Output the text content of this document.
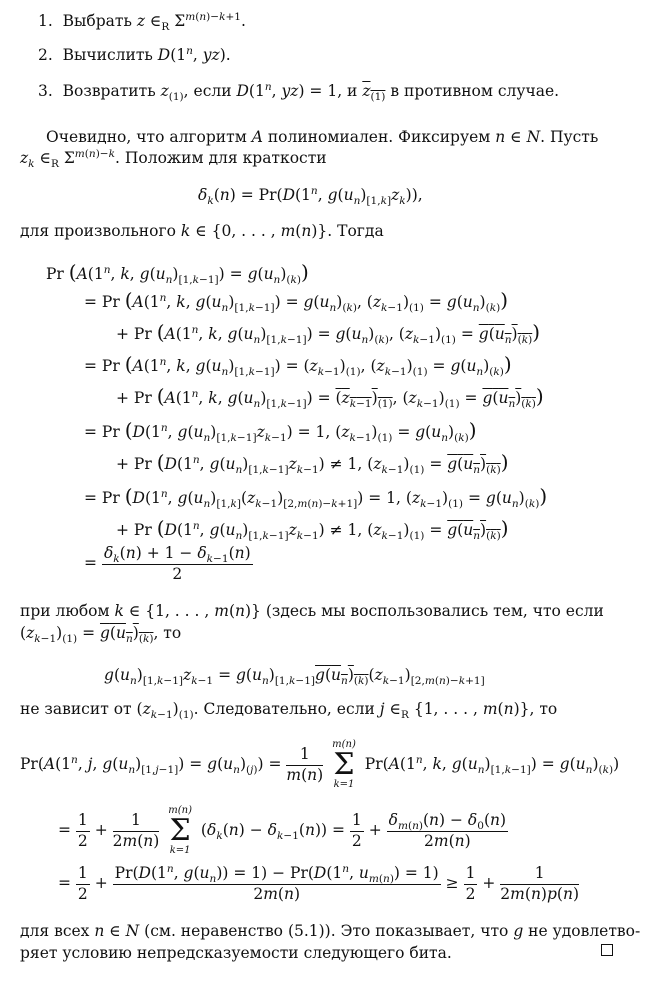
1.  Выбрать z $\in_R$ $\Sigma^{m(n)-k+1}$.
2.  Вычислить D(1$^n$, yz).
3.  Возвратить $z_{(1)}$, если D(1$^n$, yz) = 1, и $z_{(1)}$ в противном случае.
Очевидно, что алгоритм A полиномиален. Фиксируем n ∈ N. Пусть
$z_k$ $\in_R$ $\Sigma^{m(n)-k}$. Положим для краткости
$\delta_k(n) = Pr(D(1^n$, $g(u_n)_{[1,k]}z_k$)),
для произвольного k ∈ {0, . . . , m(n)}. Тогда
Pr (A(1$^n$, k, $g(u_n)_{[1,k-1]}) = g(u_n)_{(k)}$)
= Pr (A(1$^n$, k, $g(u_n)_{[1,k-1]}) = g(u_n)_{(k)}$, $(z_{k-1})_{(1)} = g(u_n)_{(k)}$)
+ Pr (A(1$^n$, k, $g(u_n)_{[1,k-1]}) = g(u_n)_{(k)}$, $(z_{k-1})_{(1)} = g(u_n)_{(k)}$)
= Pr (A(1$^n$, k, $g(u_n)_{[1,k-1]}) = (z_{k-1})_{(1)}$, $(z_{k-1})_{(1)} = g(u_n)_{(k)}$)
+ Pr (A(1$^n$, k, $g(u_n)_{[1,k-1]}) = (z_{k-1})_{(1)}$, $(z_{k-1})_{(1)} = g(u_n)_{(k)}$)
= Pr (D(1$^n$, $g(u_n)_{[1,k-1]}z_{k-1}) = 1$, $(z_{k-1})_{(1)} = g(u_n)_{(k)}$)
+ Pr (D(1$^n$, $g(u_n)_{[1,k-1]}z_{k-1}) \ne 1$, $(z_{k-1})_{(1)} = g(u_n)_{(k)}$)
= Pr (D(1$^n$, $g(u_n)_{[1,k]}(z_{k-1})_{[2,m(n)-k+1]}) = 1$, $(z_{k-1})_{(1)} = g(u_n)_{(k)}$)
+ Pr (D(1$^n$, $g(u_n)_{[1,k-1]}z_{k-1}) \ne 1$, $(z_{k-1})_{(1)} = g(u_n)_{(k)}$)
= $\frac{\delta_k(n) + 1 - \delta_{k-1}(n)}{2}$
при любом k ∈ {1, . . . , m(n)} (здесь мы воспользовались тем, что если
$(z_{k-1})_{(1)} = g(u_n)_{(k)}$, то
$g(u_n)_{[1,k-1]}z_{k-1} = g(u_n)_{[1,k-1]}g(u_n)_{(k)}(z_{k-1})_{[2,m(n)-k+1]}$
не зависит от $(z_{k-1})_{(1)}$. Следовательно, если j $\in_R$ {1, . . . , m(n)}, то
Pr(A(1$^n$, j, $g(u_n)_{[1,j-1]}) = g(u_n)_{(j)}) = \frac{1}{m(n)}$

m(n)
Σ
k=1
Pr(A(1$^n$, k, $g(u_n)_{[1,k-1]}) = g(u_n)_{(k)}$)
= $\frac{1}{2} + \frac{1}{2m(n)}$

m(n)
Σ
k=1
$(\delta_k(n) - \delta_{k-1}(n)) = \frac{1}{2} + \frac{\delta_{m(n)}(n) - \delta_0(n)}{2m(n)}$
= $\frac{1}{2} + \frac{Pr(D(1^n, g(u_n)) = 1) - Pr(D(1^n, u_{m(n)}) = 1)}{2m(n)} \ge \frac{1}{2} + \frac{1}{2m(n)p(n)}$
для всех n ∈ N (см. неравенство (5.1)). Это показывает, что g не удовлетво-
ряет условию непредсказуемости следующего бита.
